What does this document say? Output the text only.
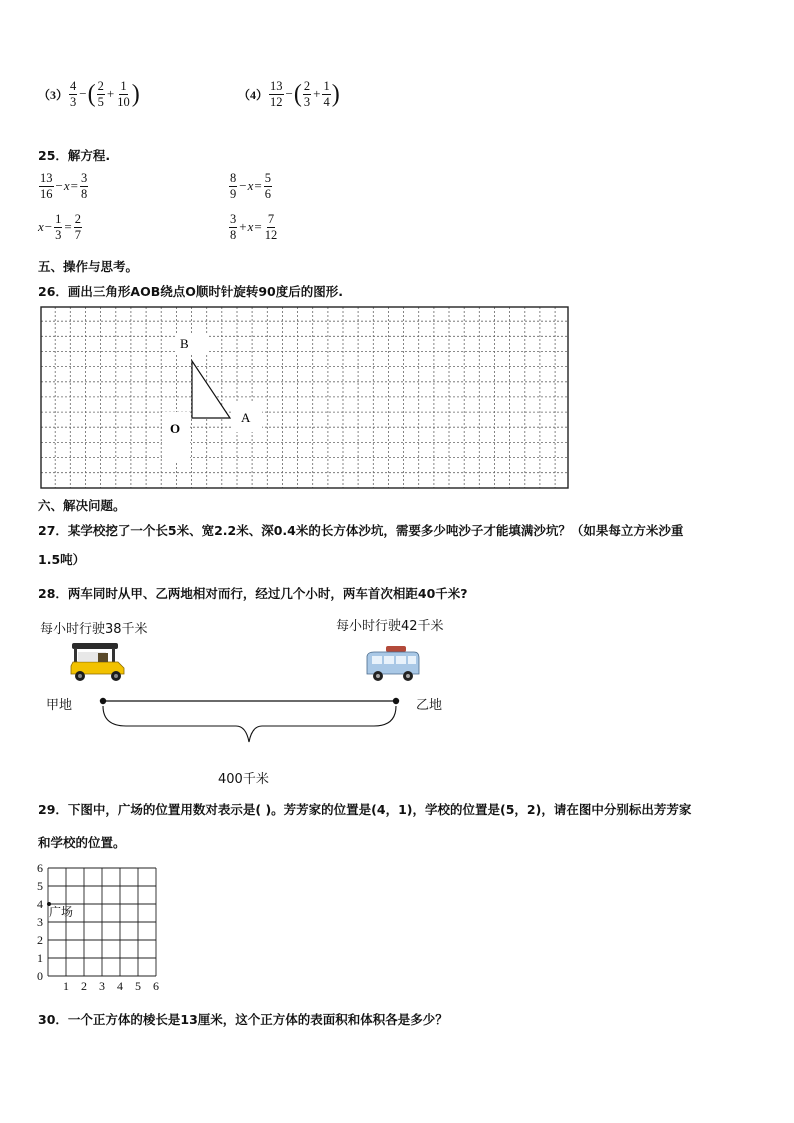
$(3) \frac{4}{3}$ − ( $\frac{2}{5} + \frac{1}{10}$ )	$(4) \frac{13}{12}$ − ( $\frac{2}{3} + \frac{1}{4}$ )
25．解方程.
$\frac{13}{16} - x = \frac{3}{8}$	$\frac{8}{9} - x = \frac{5}{6}$
$x - \frac{1}{3} = \frac{2}{7}$	$\frac{3}{8} + x = \frac{7}{12}$
五、操作与思考。
26．画出三角形AOB绕点O顺时针旋转90度后的图形.
B
A
O
六、解决问题。
27．某学校挖了一个长5米、宽2.2米、深0.4米的长方体沙坑，需要多少吨沙子才能填满沙坑？（如果每立方米沙重
1.5吨）
28．两车同时从甲、乙两地相对而行，经过几个小时，两车首次相距40千米?
每小时行驶38千米	每小时行驶42千米
甲地	乙地
400千米
29．下图中，广场的位置用数对表示是( )。芳芳家的位置是(4，1)，学校的位置是(5，2)，请在图中分别标出芳芳家
和学校的位置。
1 2 3 4 5 6
0
1
2
3
4
5
6
广场
30．一个正方体的棱长是13厘米，这个正方体的表面积和体积各是多少？
